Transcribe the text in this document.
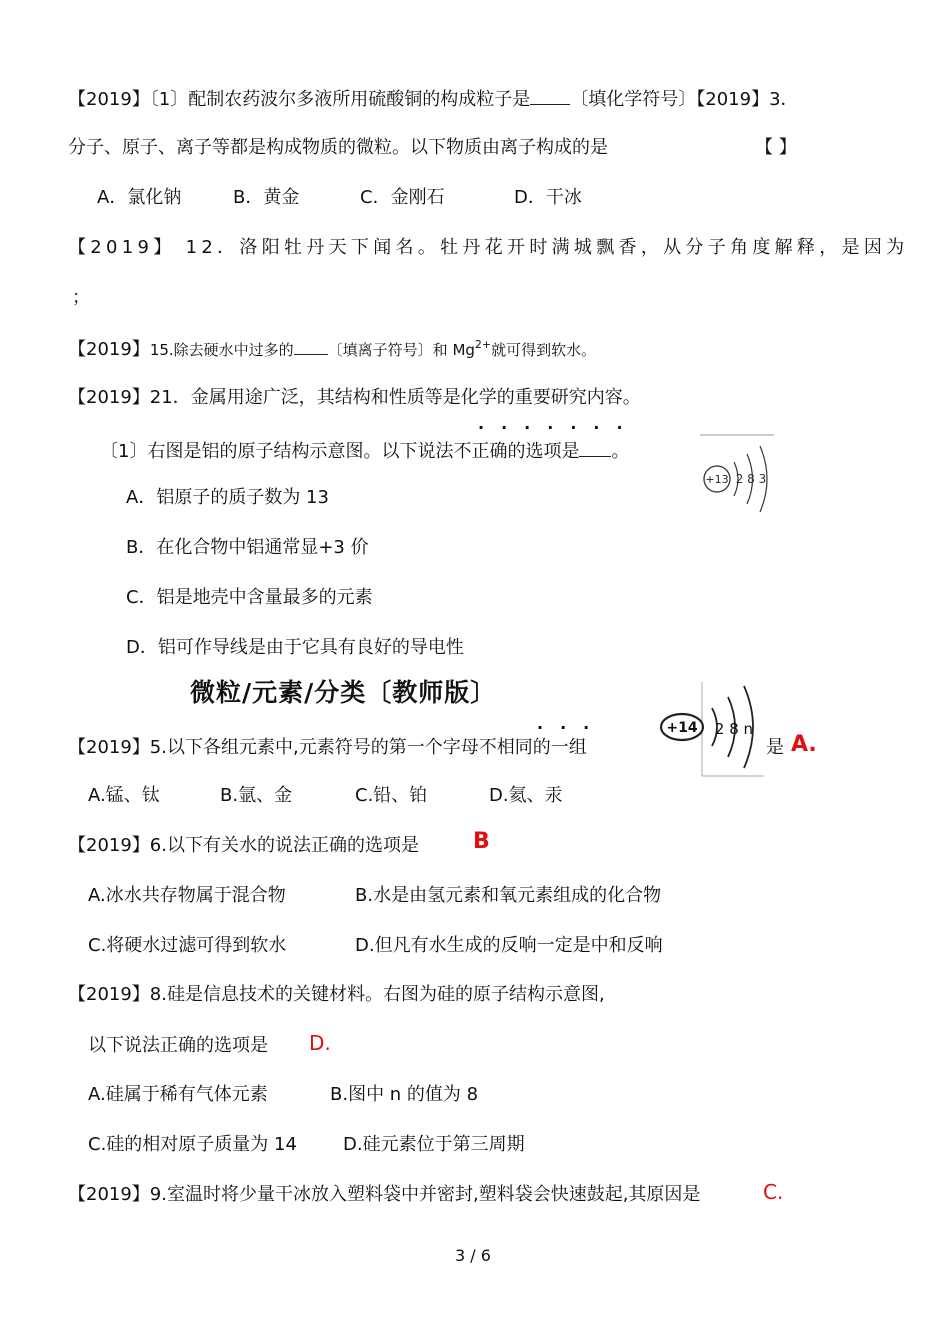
【2019】〔1〕配制农药波尔多液所用硫酸铜的构成粒子是 〔填化学符号〕【2019】3．
分子、原子、离子等都是构成物质的微粒。以下物质由离子构成的是	【 】
A．氯化钠	B．黄金	C．金刚石	D．干冰
【2019】 12．洛阳牡丹天下闻名。牡丹花开时满城飘香，从分子角度解释，是因为
；
【2019】15.除去硬水中过多的 〔填离子符号〕和 $Mg^{2+}$就可得到软水。
【2019】21．金属用途广泛，其结构和性质等是化学的重要研究内容。
·······
〔1〕右图是铝的原子结构示意图。以下说法不正确的选项是 。
+13 2 8 3
A．铝原子的质子数为 13
B．在化合物中铝通常显+3 价
C．铝是地壳中含量最多的元素
D．铝可作导线是由于它具有良好的导电性
微粒/元素/分类〔教师版〕
+14 2 8 n
···
【2019】5.以下各组元素中,元素符号的第一个字母不相同的一组	是 A.
A.锰、钛	B.氩、金	C.铅、铂	D.氦、汞
【2019】6.以下有关水的说法正确的选项是 B
A.冰水共存物属于混合物	B.水是由氢元素和氧元素组成的化合物
C.将硬水过滤可得到软水	D.但凡有水生成的反响一定是中和反响
【2019】8.硅是信息技术的关键材料。右图为硅的原子结构示意图,
以下说法正确的选项是 D.
A.硅属于稀有气体元素	B.图中 n 的值为 8
C.硅的相对原子质量为 14	D.硅元素位于第三周期
【2019】9.室温时将少量干冰放入塑料袋中并密封,塑料袋会快速鼓起,其原因是	C.
3 / 6
